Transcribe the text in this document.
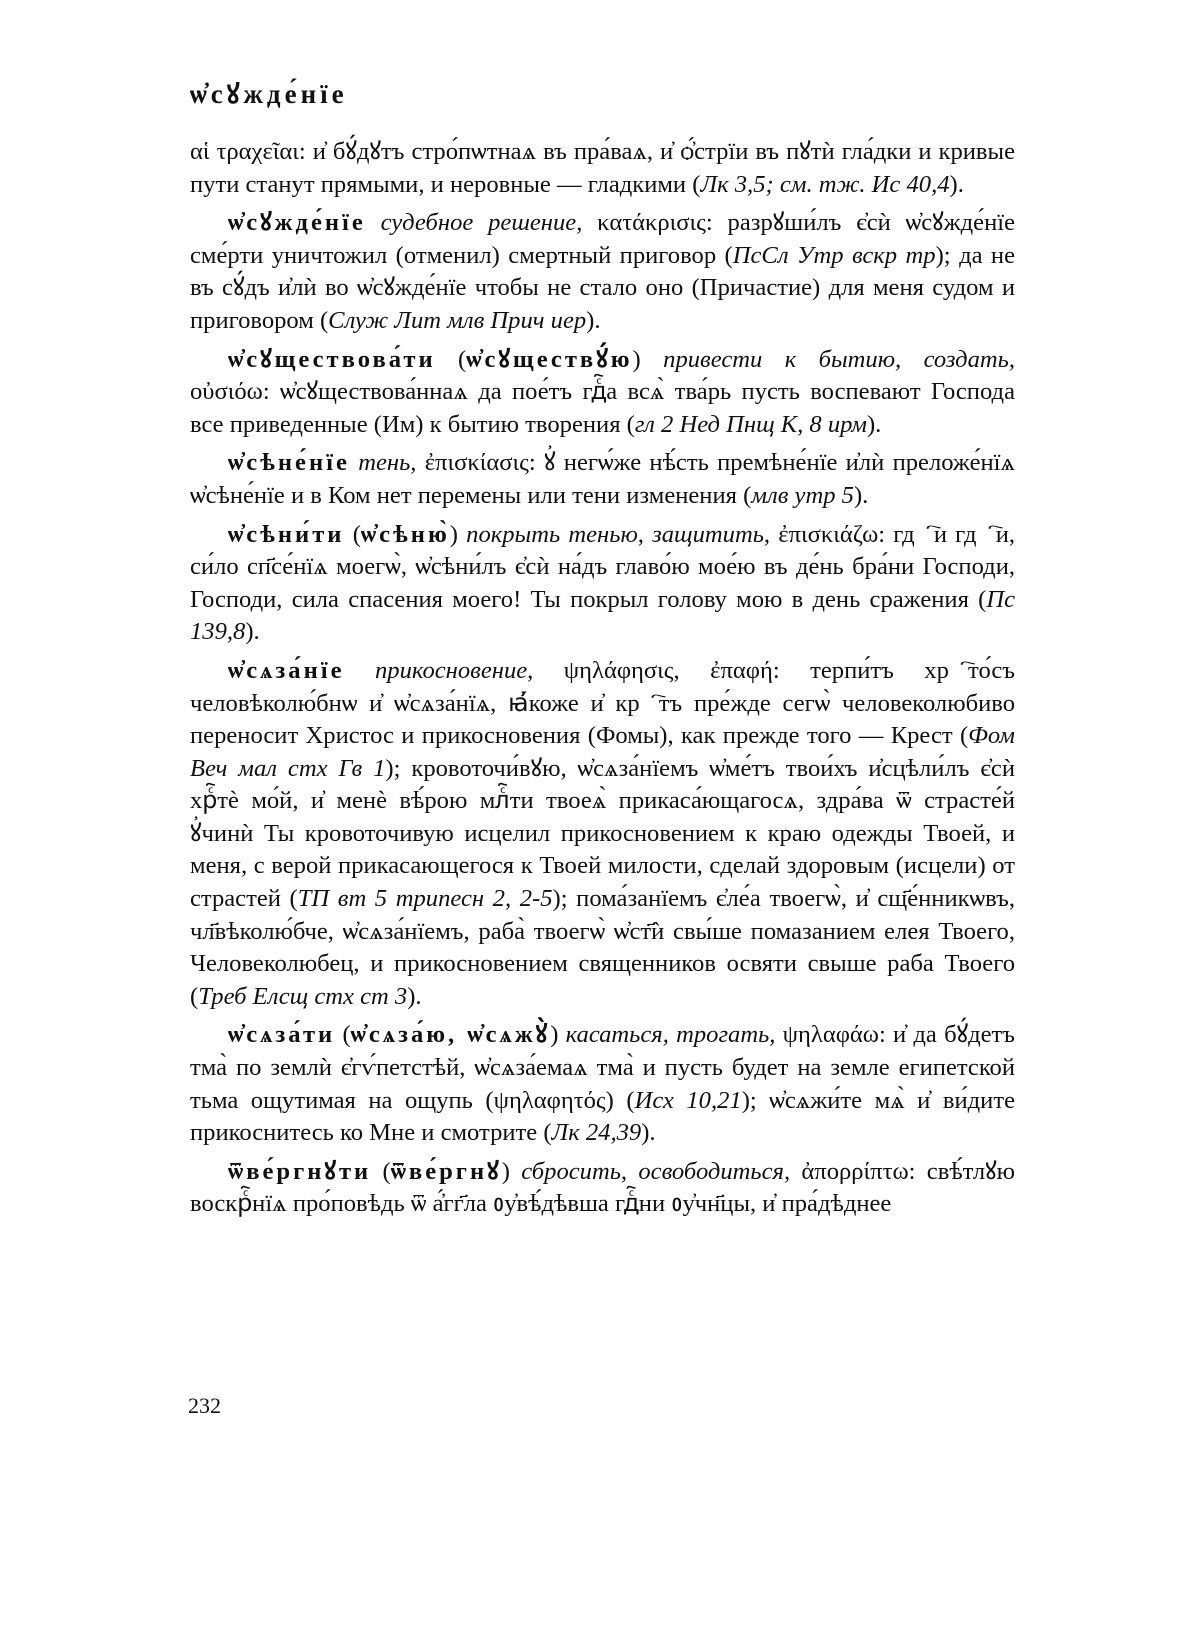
ѡ҆сꙋжде́нїе

αἱ τραχεῖαι: и҆ бꙋ́дꙋтъ стро́пѡтнаѧ въ пра́ваѧ, и҆ ѻ҆́стрїи въ пꙋтѝ гла́дки и кривые пути станут прямыми, и неровные — гладкими (Лк 3,5; см. тж. Ис 40,4).

ѡ҆сꙋжде́нїе судебное решение, κατάκρισις: разрꙋши́лъ є҆сѝ ѡ҆сꙋжде́нїе сме́рти уничтожил (отменил) смертный приговор (ПсСл Утр вскр тр); да не въ сꙋ́дъ и҆лѝ во ѡ҆сꙋжде́нїе чтобы не стало оно (Причастие) для меня судом и приговором (Служ Лит млв Прич иер).

ѡ҆сꙋществова́ти (ѡ҆сꙋществꙋ́ю) привести к бытию, создать, οὐσιόω: ѡ҆сꙋществова́ннаѧ да пое́тъ гдⷭ҇а всѧ̀ тва́рь пусть воспевают Господа все приведенные (Им) к бытию творения (гл 2 Нед Пнщ К, 8 ирм).

ѡ҆сѣне́нїе тень, ἐπισκίασις: ꙋ҆ негѡ́же нѣ́сть премѣне́нїе и҆лѝ преложе́нїѧ ѡ҆сѣне́нїе и в Ком нет перемены или тени изменения (млв утр 5).

ѡ҆сѣни́ти (ѡ҆сѣню̀) покрыть тенью, защитить, ἐπισκιάζω: гдⷭ҇и гдⷭ҇и, си́ло сп҃се́нїѧ моегѡ̀, ѡ҆сѣни́лъ є҆сѝ на́дъ главо́ю мое́ю въ де́нь бра́ни Господи, Господи, сила спасения моего! Ты покрыл голову мою в день сражения (Пс 139,8).

ѡ҆сѧза́нїе прикосновение, ψηλάφησις, ἐπαφή: терпи́тъ хрⷭ҇то́съ человѣколю́бнѡ и҆ ѡ҆сѧза́нїѧ, ꙗ҆́коже и҆ крⷭ҇тъ пре́жде сегѡ̀ человеколюбиво переносит Христос и прикосновения (Фомы), как прежде того — Крест (Фом Веч мал стх Гв 1); кровоточи́вꙋю, ѡ҆сѧза́нїемъ ѡ҆ме́тъ твои́хъ и҆сцѣли́лъ є҆сѝ хрⷭ҇тѐ мо́й, и҆ менѐ вѣ́рою млⷭ҇ти твоеѧ̀ прикаса́ющагосѧ, здра́ва ѿ страсте́й ꙋ҆чинѝ Ты кровоточивую исцелил прикосновением к краю одежды Твоей, и меня, с верой прикасающегося к Твоей милости, сделай здоровым (исцели) от страстей (ТП вт 5 трипесн 2, 2-5); пома́занїемъ є҆ле́а твоегѡ̀, и҆ сщ҃е́нникѡвъ, чл҃вѣколю́бче, ѡ҆сѧза́нїемъ, раба̀ твоегѡ̀ ѡ҆ст҃ѝ свы́ше помазанием елея Твоего, Человеколюбец, и прикосновением священников освяти свыше раба Твоего (Треб Елсщ стх ст 3).

ѡ҆сѧза́ти (ѡ҆сѧза́ю, ѡ҆сѧжꙋ̀) касаться, трогать, ψηλαφάω: и҆ да бꙋ́детъ тма̀ по землѝ є҆гѵ́петстѣй, ѡ҆сѧза́емаѧ тма̀ и пусть будет на земле египетской тьма ощутимая на ощупь (ψηλαφητός) (Исх 10,21); ѡ҆сѧжи́те мѧ̀ и҆ ви́дите прикоснитесь ко Мне и смотрите (Лк 24,39).

ѿве́ргнꙋти (ѿве́ргнꙋ) сбросить, освободиться, ἀπορρίπτω: свѣ́тлꙋю воскрⷭ҇нїѧ про́повѣдь ѿ а҆́гг҃ла ᲂу҆вѣ́дѣвша гдⷭ҇ни ᲂу҆чн҃цы, и҆ пра́дѣднее

232
